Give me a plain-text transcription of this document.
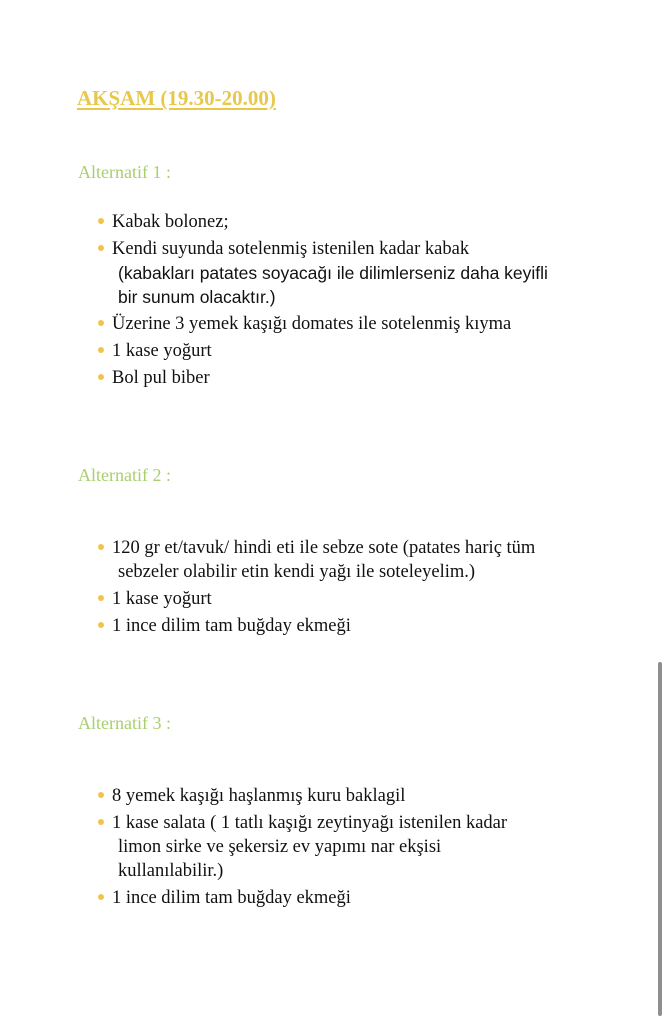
AKŞAM (19.30-20.00)
Alternatif 1 :
Kabak bolonez;
Kendi suyunda sotelenmiş istenilen kadar kabak
(kabakları patates soyacağı ile dilimlerseniz daha keyifli
bir sunum olacaktır.)
Üzerine 3 yemek kaşığı domates ile sotelenmiş kıyma
1 kase yoğurt
Bol pul biber
Alternatif 2 :
120 gr et/tavuk/ hindi eti ile sebze sote (patates hariç tüm
sebzeler olabilir etin kendi yağı ile soteleyelim.)
1 kase yoğurt
1 ince dilim tam buğday ekmeği
Alternatif 3 :
8 yemek kaşığı haşlanmış kuru baklagil
1 kase salata ( 1 tatlı kaşığı zeytinyağı istenilen kadar
limon sirke ve şekersiz ev yapımı nar ekşisi
kullanılabilir.)
1 ince dilim tam buğday ekmeği
